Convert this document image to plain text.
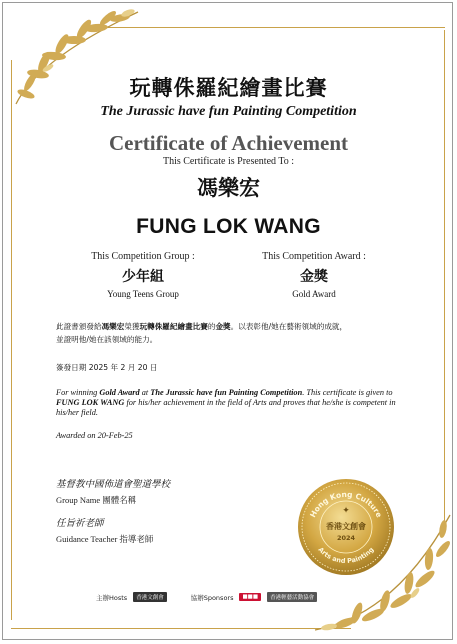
玩轉侏羅紀繪畫比賽
The Jurassic have fun Painting Competition
Certificate of Achievement
This Certificate is Presented To :
馮樂宏
FUNG LOK WANG
This Competition Group :
少年組
Young Teens Group
This Competition Award :
金獎
Gold Award
此證書頒發給馮樂宏榮獲玩轉侏羅紀繪畫比賽的金獎。以表彰他/她在藝術領域的成就，
並證明他/她在該領域的能力。
簽發日期 2025 年 2 月 20 日
For winning Gold Award at The Jurassic have fun Painting Competition. This certificate is given to FUNG LOK WANG for his/her achievement in the field of Arts and proves that he/she is competent in his/her field.
Awarded on 20-Feb-25
基督教中國佈道會聖道學校
Group Name 團體名稱
任旨祈老師
Guidance Teacher 指導老師
Hong Kong Culture
Arts and Painting
香港文創會
2024
✦
主辦Hosts	香港文創會	協辦Sponsors	■■■	香港輕藝活動協會
